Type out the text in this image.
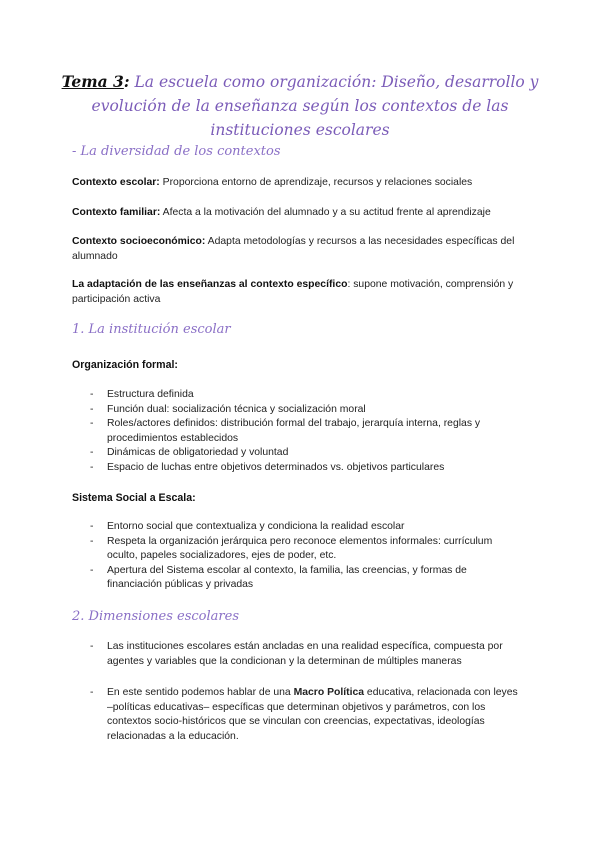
Tema 3: La escuela como organización: Diseño, desarrollo y evolución de la enseñanza según los contextos de las instituciones escolares
- La diversidad de los contextos
Contexto escolar: Proporciona entorno de aprendizaje, recursos y relaciones sociales
Contexto familiar: Afecta a la motivación del alumnado y a su actitud frente al aprendizaje
Contexto socioeconómico: Adapta metodologías y recursos a las necesidades específicas del alumnado
La adaptación de las enseñanzas al contexto específico: supone motivación, comprensión y participación activa
1. La institución escolar
Organización formal:
- Estructura definida
- Función dual: socialización técnica y socialización moral
- Roles/actores definidos: distribución formal del trabajo, jerarquía interna, reglas y procedimientos establecidos
- Dinámicas de obligatoriedad y voluntad
- Espacio de luchas entre objetivos determinados vs. objetivos particulares
Sistema Social a Escala:
- Entorno social que contextualiza y condiciona la realidad escolar
- Respeta la organización jerárquica pero reconoce elementos informales: currículum oculto, papeles socializadores, ejes de poder, etc.
- Apertura del Sistema escolar al contexto, la familia, las creencias, y formas de financiación públicas y privadas
2. Dimensiones escolares
- Las instituciones escolares están ancladas en una realidad específica, compuesta por agentes y variables que la condicionan y la determinan de múltiples maneras
- En este sentido podemos hablar de una Macro Política educativa, relacionada con leyes –políticas educativas– específicas que determinan objetivos y parámetros, con los contextos socio-históricos que se vinculan con creencias, expectativas, ideologías relacionadas a la educación.
